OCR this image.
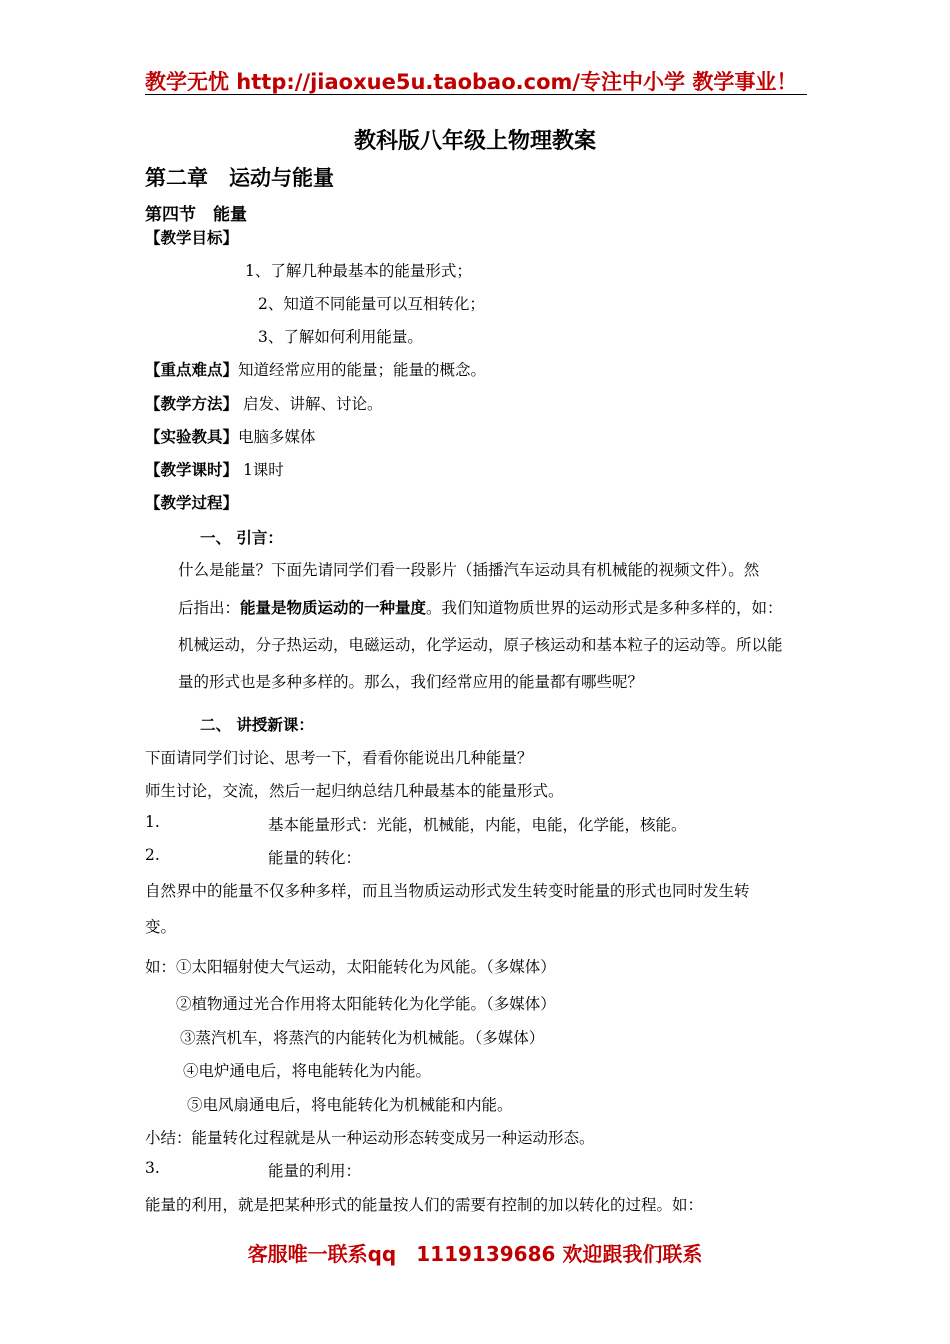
教学无忧 http://jiaoxue5u.taobao.com/专注中小学 教学事业！
教科版八年级上物理教案
第二章　运动与能量
第四节　能量
【教学目标】
1、了解几种最基本的能量形式；
2、知道不同能量可以互相转化；
3、了解如何利用能量。
【重点难点】知道经常应用的能量；能量的概念。
【教学方法】 启发、讲解、讨论。
【实验教具】电脑多媒体
【教学课时】 1课时
【教学过程】
一、 引言：
什么是能量？下面先请同学们看一段影片（插播汽车运动具有机械能的视频文件）。然
后指出：能量是物质运动的一种量度。我们知道物质世界的运动形式是多种多样的，如：
机械运动，分子热运动，电磁运动，化学运动，原子核运动和基本粒子的运动等。所以能
量的形式也是多种多样的。那么，我们经常应用的能量都有哪些呢？
二、 讲授新课：
下面请同学们讨论、思考一下，看看你能说出几种能量？
师生讨论，交流，然后一起归纳总结几种最基本的能量形式。
1.	基本能量形式：光能，机械能，内能，电能，化学能，核能。
2.	能量的转化：
自然界中的能量不仅多种多样，而且当物质运动形式发生转变时能量的形式也同时发生转
变。
如：①太阳辐射使大气运动，太阳能转化为风能。（多媒体）
②植物通过光合作用将太阳能转化为化学能。（多媒体）
③蒸汽机车，将蒸汽的内能转化为机械能。（多媒体）
④电炉通电后，将电能转化为内能。
⑤电风扇通电后，将电能转化为机械能和内能。
小结：能量转化过程就是从一种运动形态转变成另一种运动形态。
3.	能量的利用：
能量的利用，就是把某种形式的能量按人们的需要有控制的加以转化的过程。如：
客服唯一联系qq　1119139686 欢迎跟我们联系
